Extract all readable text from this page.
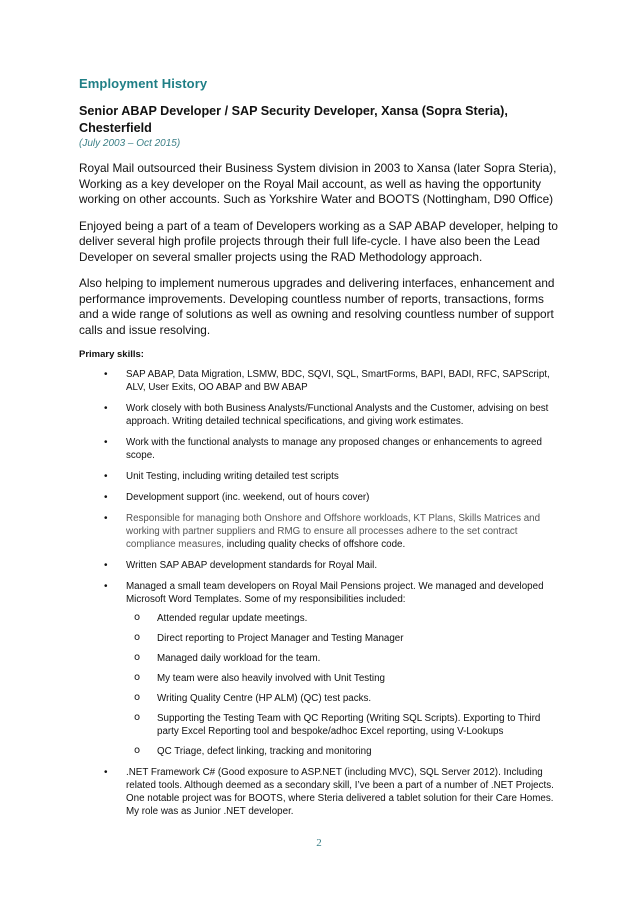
Employment History
Senior ABAP Developer / SAP Security Developer, Xansa (Sopra Steria), Chesterfield
(July 2003 – Oct 2015)

Royal Mail outsourced their Business System division in 2003 to Xansa (later Sopra Steria), Working as a key developer on the Royal Mail account, as well as having the opportunity working on other accounts. Such as Yorkshire Water and BOOTS (Nottingham, D90 Office)

Enjoyed being a part of a team of Developers working as a SAP ABAP developer, helping to deliver several high profile projects through their full life-cycle. I have also been the Lead Developer on several smaller projects using the RAD Methodology approach.

Also helping to implement numerous upgrades and delivering interfaces, enhancement and performance improvements. Developing countless number of reports, transactions, forms and a wide range of solutions as well as owning and resolving countless number of support calls and issue resolving.

Primary skills:
• SAP ABAP, Data Migration, LSMW, BDC, SQVI, SQL, SmartForms, BAPI, BADI, RFC, SAPScript, ALV, User Exits, OO ABAP and BW ABAP
• Work closely with both Business Analysts/Functional Analysts and the Customer, advising on best approach. Writing detailed technical specifications, and giving work estimates.
• Work with the functional analysts to manage any proposed changes or enhancements to agreed scope.
• Unit Testing, including writing detailed test scripts
• Development support (inc. weekend, out of hours cover)
• Responsible for managing both Onshore and Offshore workloads, KT Plans, Skills Matrices and working with partner suppliers and RMG to ensure all processes adhere to the set contract compliance measures, including quality checks of offshore code.
• Written SAP ABAP development standards for Royal Mail.
• Managed a small team developers on Royal Mail Pensions project. We managed and developed Microsoft Word Templates. Some of my responsibilities included:
o Attended regular update meetings.
o Direct reporting to Project Manager and Testing Manager
o Managed daily workload for the team.
o My team were also heavily involved with Unit Testing
o Writing Quality Centre (HP ALM) (QC) test packs.
o Supporting the Testing Team with QC Reporting (Writing SQL Scripts). Exporting to Third party Excel Reporting tool and bespoke/adhoc Excel reporting, using V-Lookups
o QC Triage, defect linking, tracking and monitoring
• .NET Framework C# (Good exposure to ASP.NET (including MVC), SQL Server 2012). Including related tools. Although deemed as a secondary skill, I’ve been a part of a number of .NET Projects. One notable project was for BOOTS, where Steria delivered a tablet solution for their Care Homes. My role was as Junior .NET developer.
2
